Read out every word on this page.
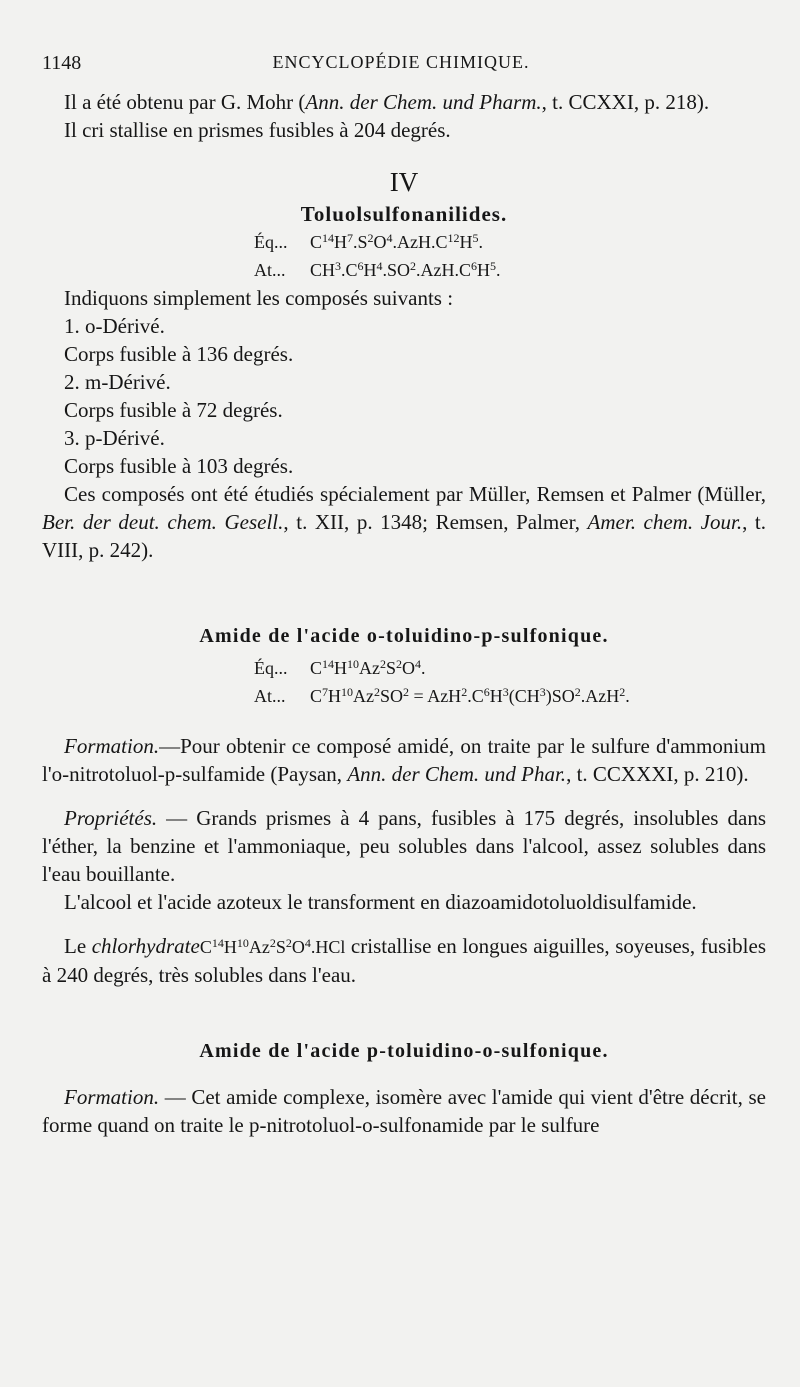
1148	ENCYCLOPÉDIE CHIMIQUE.

Il a été obtenu par G. Mohr (Ann. der Chem. und Pharm., t. CCXXI, p. 218).

Il cri stallise en prismes fusibles à 204 degrés.

IV
Toluolsulfonanilides.
Éq... $C^{14}H^7.S^2O^4.AzH.C^{12}H^5$.
At... $CH^3.C^6H^4.SO^2.AzH.C^6H^5$.

Indiquons simplement les composés suivants :

1. o-Dérivé.

Corps fusible à 136 degrés.

2. m-Dérivé.

Corps fusible à 72 degrés.

3. p-Dérivé.

Corps fusible à 103 degrés.

Ces composés ont été étudiés spécialement par Müller, Remsen et Palmer (Müller, Ber. der deut. chem. Gesell., t. XII, p. 1348; Remsen, Palmer, Amer. chem. Jour., t. VIII, p. 242).

Amide de l'acide o-toluidino-p-sulfonique.
Éq... $C^{14}H^{10}Az^2S^2O^4$.
At... $C^7H^{10}Az^2SO^2 = AzH^2.C^6H^3(CH^3)SO^2.AzH^2$.

Formation.—Pour obtenir ce composé amidé, on traite par le sulfure d'ammonium l'o-nitrotoluol-p-sulfamide (Paysan, Ann. der Chem. und Phar., t. CCXXXI, p. 210).

Propriétés. — Grands prismes à 4 pans, fusibles à 175 degrés, insolubles dans l'éther, la benzine et l'ammoniaque, peu solubles dans l'alcool, assez solubles dans l'eau bouillante.

L'alcool et l'acide azoteux le transforment en diazoamidotoluoldisulfamide.

Le $chlorhydrateC^{14}H^{10}Az^2S^2O^4.HCl$ cristallise en longues aiguilles, soyeuses, fusibles à 240 degrés, très solubles dans l'eau.

Amide de l'acide p-toluidino-o-sulfonique.

Formation. — Cet amide complexe, isomère avec l'amide qui vient d'être décrit, se forme quand on traite le p-nitrotoluol-o-sulfonamide par le sulfure
